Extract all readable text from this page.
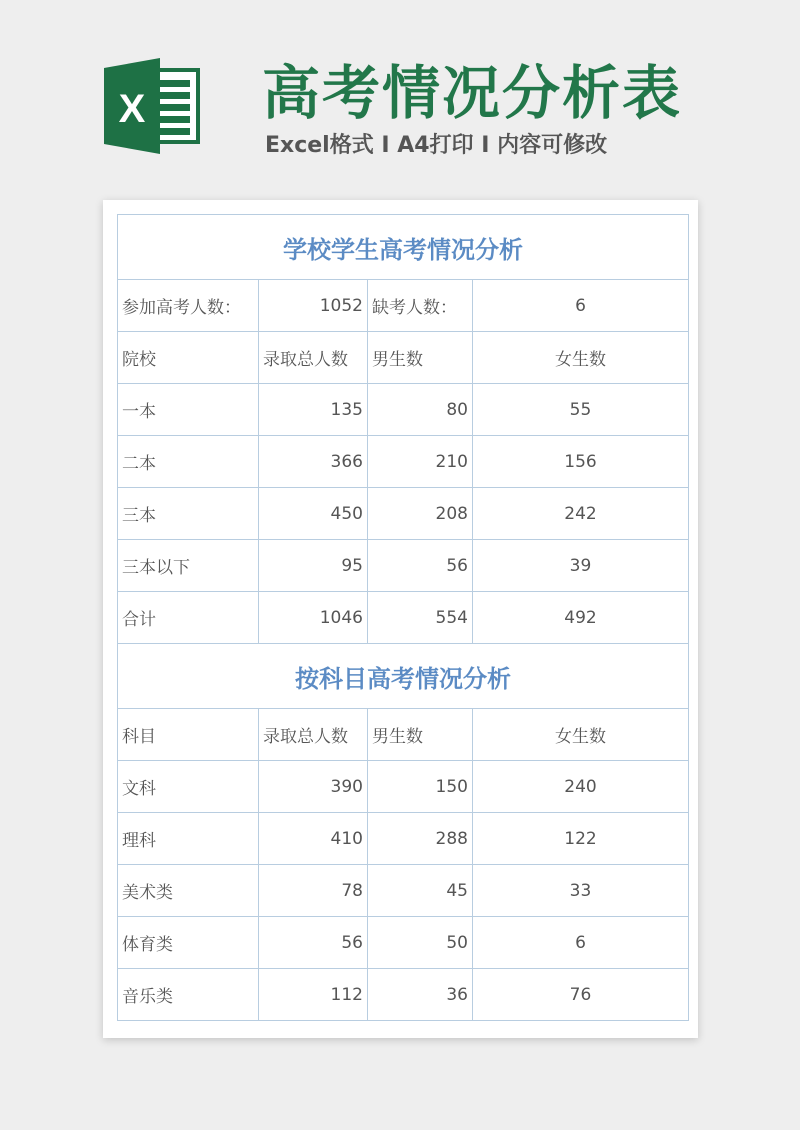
X 高考情况分析表
Excel格式 I A4打印 I 内容可修改
学校学生高考情况分析			
参加高考人数：	1052	缺考人数：	6
院校	录取总人数	男生数	女生数
一本	135	80	55
二本	366	210	156
三本	450	208	242
三本以下	95	56	39
合计	1046	554	492
按科目高考情况分析			
科目	录取总人数	男生数	女生数
文科	390	150	240
理科	410	288	122
美术类	78	45	33
体育类	56	50	6
音乐类	112	36	76
